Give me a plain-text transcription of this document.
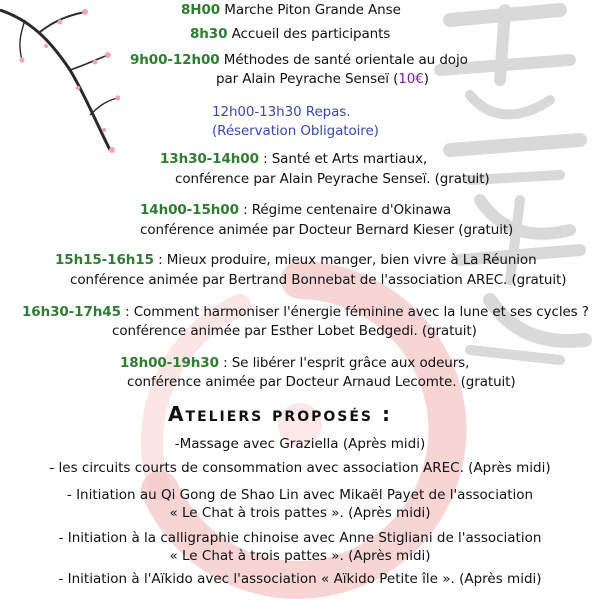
8H00 Marche Piton Grande Anse
8h30 Accueil des participants
9h00-12h00 Méthodes de santé orientale au dojo
par Alain Peyrache Senseï (10€)
12h00-13h30 Repas.
(Réservation Obligatoire)
13h30-14h00 : Santé et Arts martiaux,
conférence par Alain Peyrache Senseï. (gratuit)
14h00-15h00 : Régime centenaire d'Okinawa
conférence animée par Docteur Bernard Kieser (gratuit)
15h15-16h15 : Mieux produire, mieux manger, bien vivre à La Réunion
conférence animée par Bertrand Bonnebat de l'association AREC. (gratuit)
16h30-17h45 : Comment harmoniser l'énergie féminine avec la lune et ses cycles ?
conférence animée par Esther Lobet Bedgedi. (gratuit)
18h00-19h30 : Se libérer l'esprit grâce aux odeurs,
conférence animée par Docteur Arnaud Lecomte. (gratuit)
Ateliers proposés :
-Massage avec Graziella (Après midi)
- les circuits courts de consommation avec association AREC. (Après midi)
- Initiation au Qi Gong de Shao Lin avec Mikaël Payet de l'association
« Le Chat à trois pattes ». (Après midi)
- Initiation à la calligraphie chinoise avec Anne Stigliani de l'association
« Le Chat à trois pattes ». (Après midi)
- Initiation à l'Aïkido avec l'association « Aïkido Petite île ». (Après midi)
